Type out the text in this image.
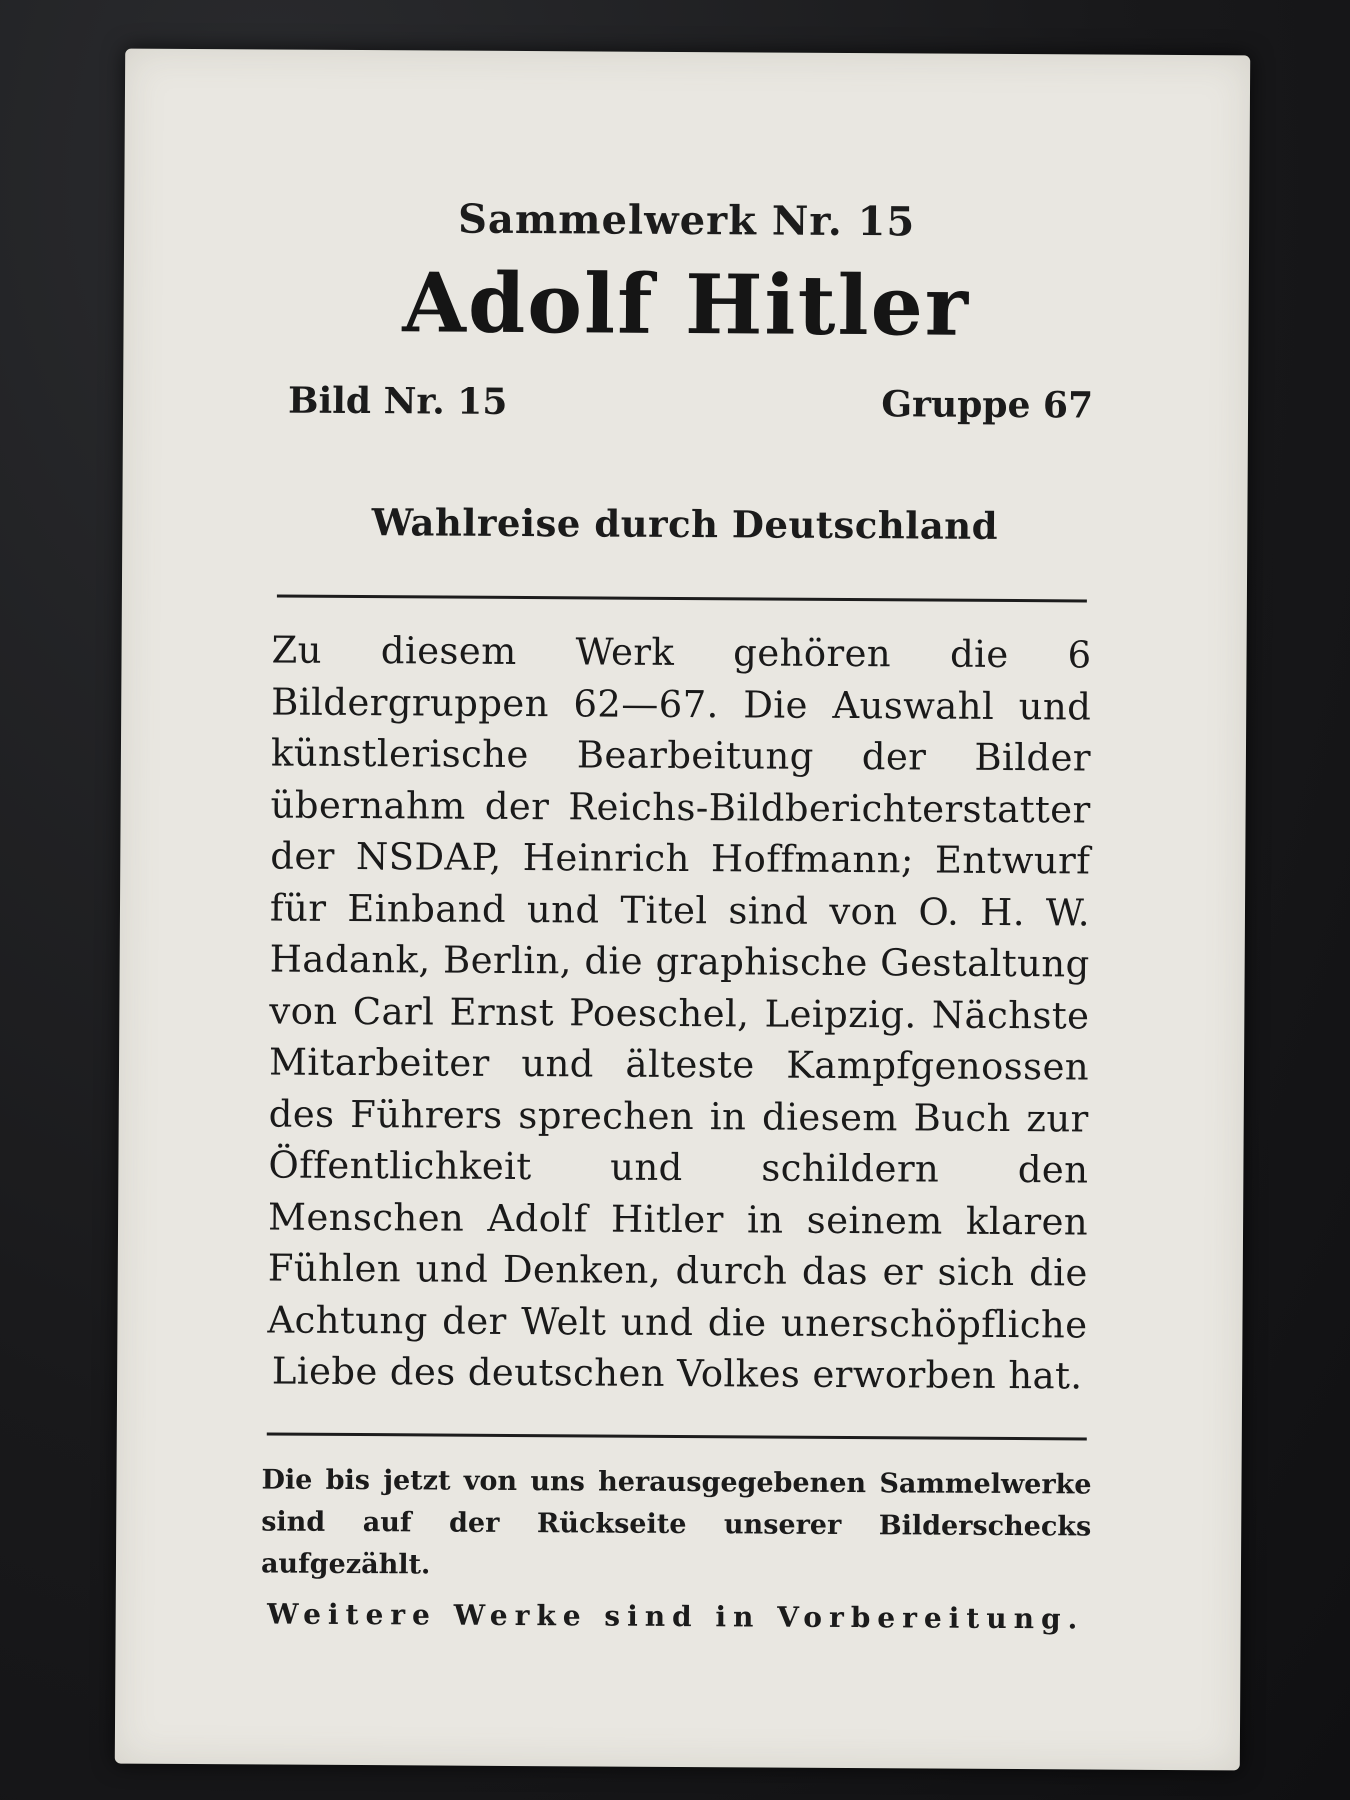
Sammelwerk Nr. 15
Adolf Hitler
Bild Nr. 15	Gruppe 67
Wahlreise durch Deutschland
Zu diesem Werk gehören die 6 Bildergruppen 62—67. Die Auswahl und künstlerische Bearbeitung der Bilder übernahm der Reichs-Bildberichterstatter der NSDAP, Heinrich Hoffmann; Entwurf für Einband und Titel sind von O. H. W. Hadank, Berlin, die graphische Gestaltung von Carl Ernst Poeschel, Leipzig. Nächste Mitarbeiter und älteste Kampfgenossen des Führers sprechen in diesem Buch zur Öffentlichkeit und schildern den Menschen Adolf Hitler in seinem klaren Fühlen und Denken, durch das er sich die Achtung der Welt und die unerschöpfliche Liebe des deutschen Volkes erworben hat.
Die bis jetzt von uns herausgegebenen Sammelwerke sind auf der Rückseite unserer Bilderschecks aufgezählt.
Weitere Werke sind in Vorbereitung.
